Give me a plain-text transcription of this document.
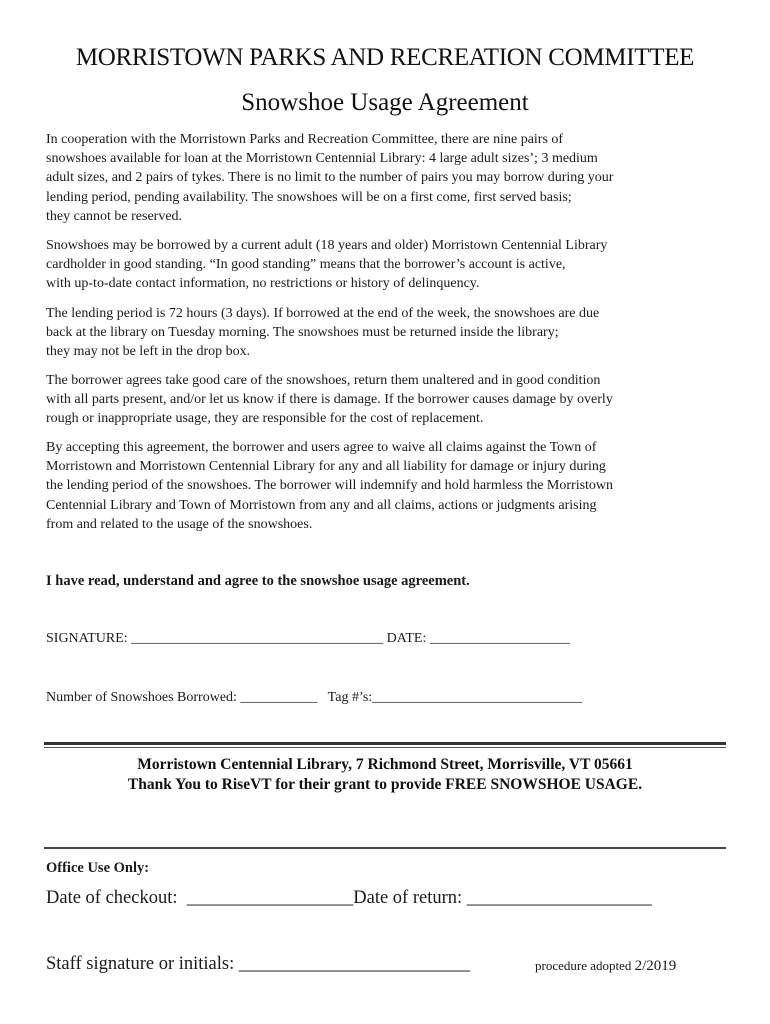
MORRISTOWN PARKS AND RECREATION COMMITTEE
Snowshoe Usage Agreement
In cooperation with the Morristown Parks and Recreation Committee, there are nine pairs of
snowshoes available for loan at the Morristown Centennial Library: 4 large adult sizes’; 3 medium
adult sizes, and 2 pairs of tykes. There is no limit to the number of pairs you may borrow during your
lending period, pending availability. The snowshoes will be on a first come, first served basis;
they cannot be reserved.
Snowshoes may be borrowed by a current adult (18 years and older) Morristown Centennial Library
cardholder in good standing. “In good standing” means that the borrower’s account is active,
with up-to-date contact information, no restrictions or history of delinquency.
The lending period is 72 hours (3 days). If borrowed at the end of the week, the snowshoes are due
back at the library on Tuesday morning. The snowshoes must be returned inside the library;
they may not be left in the drop box.
The borrower agrees take good care of the snowshoes, return them unaltered and in good condition
with all parts present, and/or let us know if there is damage. If the borrower causes damage by overly
rough or inappropriate usage, they are responsible for the cost of replacement.
By accepting this agreement, the borrower and users agree to waive all claims against the Town of
Morristown and Morristown Centennial Library for any and all liability for damage or injury during
the lending period of the snowshoes. The borrower will indemnify and hold harmless the Morristown
Centennial Library and Town of Morristown from any and all claims, actions or judgments arising
from and related to the usage of the snowshoes.
I have read, understand and agree to the snowshoe usage agreement.
SIGNATURE: ____________________________________ DATE: ____________________
Number of Snowshoes Borrowed: ___________   Tag #’s:______________________________
Morristown Centennial Library, 7 Richmond Street, Morrisville, VT 05661
Thank You to RiseVT for their grant to provide FREE SNOWSHOE USAGE.
Office Use Only:
Date of checkout:  __________________Date of return: ____________________
Staff signature or initials: _________________________	procedure adopted 2/2019
